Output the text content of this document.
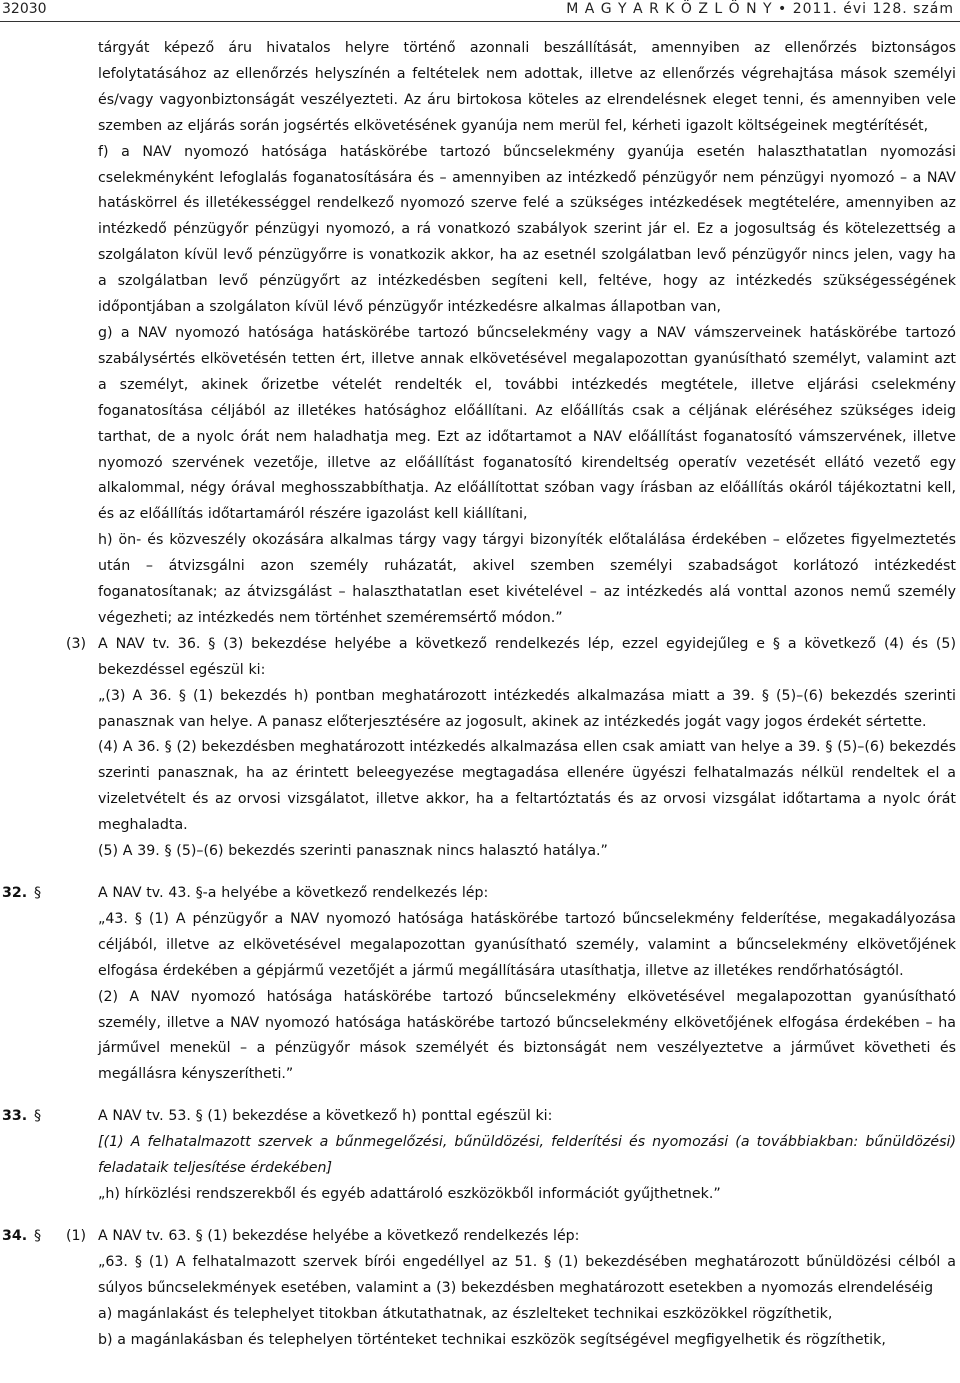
32030	M A G Y A R K Ö Z L Ö N Y • 2011. évi 128. szám

tárgyát képező áru hivatalos helyre történő azonnali beszállítását, amennyiben az ellenőrzés biztonságos lefolytatásához az ellenőrzés helyszínén a feltételek nem adottak, illetve az ellenőrzés végrehajtása mások személyi és/vagy vagyonbiztonságát veszélyezteti. Az áru birtokosa köteles az elrendelésnek eleget tenni, és amennyiben vele szemben az eljárás során jogsértés elkövetésének gyanúja nem merül fel, kérheti igazolt költségeinek megtérítését,

f) a NAV nyomozó hatósága hatáskörébe tartozó bűncselekmény gyanúja esetén halaszthatatlan nyomozási cselekményként lefoglalás foganatosítására és – amennyiben az intézkedő pénzügyőr nem pénzügyi nyomozó – a NAV hatáskörrel és illetékességgel rendelkező nyomozó szerve felé a szükséges intézkedések megtételére, amennyiben az intézkedő pénzügyőr pénzügyi nyomozó, a rá vonatkozó szabályok szerint jár el. Ez a jogosultság és kötelezettség a szolgálaton kívül levő pénzügyőrre is vonatkozik akkor, ha az esetnél szolgálatban levő pénzügyőr nincs jelen, vagy ha a szolgálatban levő pénzügyőrt az intézkedésben segíteni kell, feltéve, hogy az intézkedés szükségességének időpontjában a szolgálaton kívül lévő pénzügyőr intézkedésre alkalmas állapotban van,

g) a NAV nyomozó hatósága hatáskörébe tartozó bűncselekmény vagy a NAV vámszerveinek hatáskörébe tartozó szabálysértés elkövetésén tetten ért, illetve annak elkövetésével megalapozottan gyanúsítható személyt, valamint azt a személyt, akinek őrizetbe vételét rendelték el, további intézkedés megtétele, illetve eljárási cselekmény foganatosítása céljából az illetékes hatósághoz előállítani. Az előállítás csak a céljának eléréséhez szükséges ideig tarthat, de a nyolc órát nem haladhatja meg. Ezt az időtartamot a NAV előállítást foganatosító vámszervének, illetve nyomozó szervének vezetője, illetve az előállítást foganatosító kirendeltség operatív vezetését ellátó vezető egy alkalommal, négy órával meghosszabbíthatja. Az előállítottat szóban vagy írásban az előállítás okáról tájékoztatni kell, és az előállítás időtartamáról részére igazolást kell kiállítani,

h) ön- és közveszély okozására alkalmas tárgy vagy tárgyi bizonyíték előtalálása érdekében – előzetes figyelmeztetés után – átvizsgálni azon személy ruházatát, akivel szemben személyi szabadságot korlátozó intézkedést foganatosítanak; az átvizsgálást – halaszthatatlan eset kivételével – az intézkedés alá vonttal azonos nemű személy végezheti; az intézkedés nem történhet szeméremsértő módon.”

(3) A NAV tv. 36. § (3) bekezdése helyébe a következő rendelkezés lép, ezzel egyidejűleg e § a következő (4) és (5) bekezdéssel egészül ki:

„(3) A 36. § (1) bekezdés h) pontban meghatározott intézkedés alkalmazása miatt a 39. § (5)–(6) bekezdés szerinti panasznak van helye. A panasz előterjesztésére az jogosult, akinek az intézkedés jogát vagy jogos érdekét sértette.

(4) A 36. § (2) bekezdésben meghatározott intézkedés alkalmazása ellen csak amiatt van helye a 39. § (5)–(6) bekezdés szerinti panasznak, ha az érintett beleegyezése megtagadása ellenére ügyészi felhatalmazás nélkül rendeltek el a vizeletvételt és az orvosi vizsgálatot, illetve akkor, ha a feltartóztatás és az orvosi vizsgálat időtartama a nyolc órát meghaladta.

(5) A 39. § (5)–(6) bekezdés szerinti panasznak nincs halasztó hatálya.”

32. §	A NAV tv. 43. §-a helyébe a következő rendelkezés lép:

„43. § (1) A pénzügyőr a NAV nyomozó hatósága hatáskörébe tartozó bűncselekmény felderítése, megakadályozása céljából, illetve az elkövetésével megalapozottan gyanúsítható személy, valamint a bűncselekmény elkövetőjének elfogása érdekében a gépjármű vezetőjét a jármű megállítására utasíthatja, illetve az illetékes rendőrhatóságtól.

(2) A NAV nyomozó hatósága hatáskörébe tartozó bűncselekmény elkövetésével megalapozottan gyanúsítható személy, illetve a NAV nyomozó hatósága hatáskörébe tartozó bűncselekmény elkövetőjének elfogása érdekében – ha járművel menekül – a pénzügyőr mások személyét és biztonságát nem veszélyeztetve a járművet követheti és megállásra kényszerítheti.”

33. §	A NAV tv. 53. § (1) bekezdése a következő h) ponttal egészül ki:

[(1) A felhatalmazott szervek a bűnmegelőzési, bűnüldözési, felderítési és nyomozási (a továbbiakban: bűnüldözési) feladataik teljesítése érdekében]

„h) hírközlési rendszerekből és egyéb adattároló eszközökből információt gyűjthetnek.”

34. § (1) A NAV tv. 63. § (1) bekezdése helyébe a következő rendelkezés lép:

„63. § (1) A felhatalmazott szervek bírói engedéllyel az 51. § (1) bekezdésében meghatározott bűnüldözési célból a súlyos bűncselekmények esetében, valamint a (3) bekezdésben meghatározott esetekben a nyomozás elrendeléséig

a) magánlakást és telephelyet titokban átkutathatnak, az észlelteket technikai eszközökkel rögzíthetik,

b) a magánlakásban és telephelyen történteket technikai eszközök segítségével megfigyelhetik és rögzíthetik,
